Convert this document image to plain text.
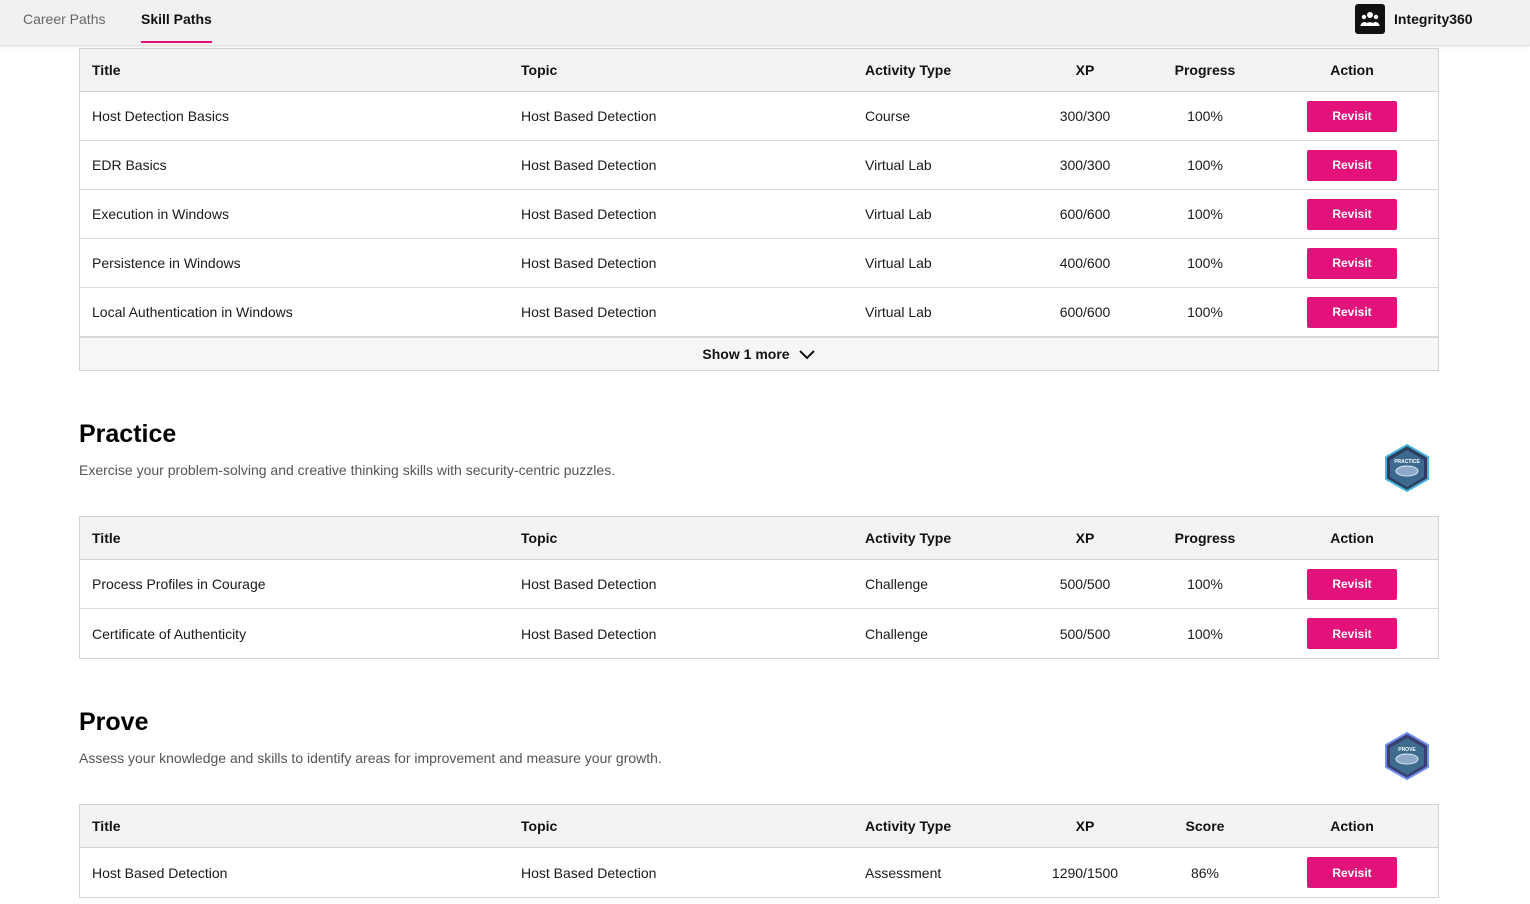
Career Paths	Skill Paths	Integrity360
Title	Topic	Activity Type	XP	Progress	Action
Host Detection Basics	Host Based Detection	Course	300/300	100%	Revisit
EDR Basics	Host Based Detection	Virtual Lab	300/300	100%	Revisit
Execution in Windows	Host Based Detection	Virtual Lab	600/600	100%	Revisit
Persistence in Windows	Host Based Detection	Virtual Lab	400/600	100%	Revisit
Local Authentication in Windows	Host Based Detection	Virtual Lab	600/600	100%	Revisit
Show 1 more
Practice
Exercise your problem-solving and creative thinking skills with security-centric puzzles.	PRACTICE
Title	Topic	Activity Type	XP	Progress	Action
Process Profiles in Courage	Host Based Detection	Challenge	500/500	100%	Revisit
Certificate of Authenticity	Host Based Detection	Challenge	500/500	100%	Revisit
Prove
Assess your knowledge and skills to identify areas for improvement and measure your growth.	PROVE
Title	Topic	Activity Type	XP	Score	Action
Host Based Detection	Host Based Detection	Assessment	1290/1500	86%	Revisit
